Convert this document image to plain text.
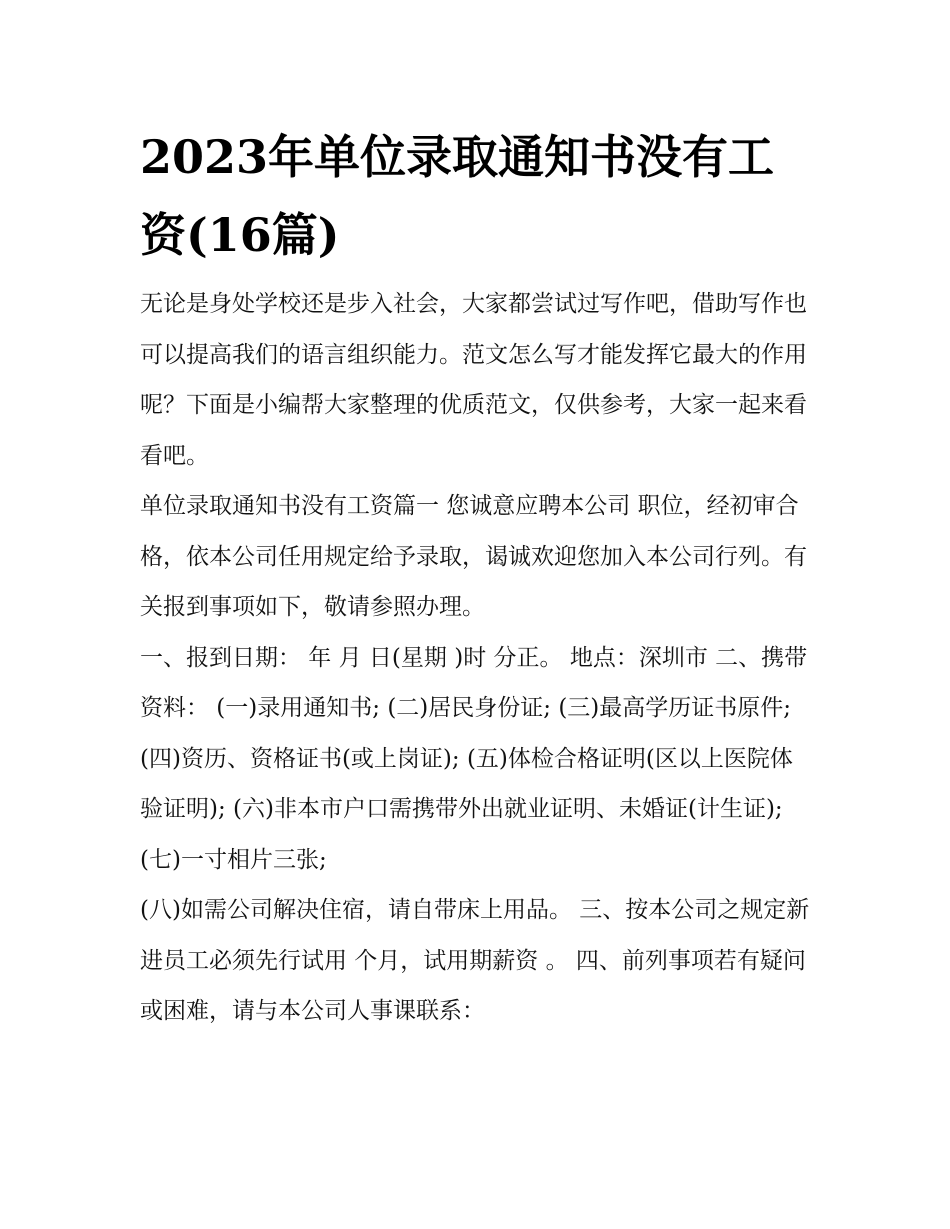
2023年单位录取通知书没有工资(16篇)

无论是身处学校还是步入社会，大家都尝试过写作吧，借助写作也可以提高我们的语言组织能力。范文怎么写才能发挥它最大的作用呢？下面是小编帮大家整理的优质范文，仅供参考，大家一起来看看吧。

单位录取通知书没有工资篇一 您诚意应聘本公司 职位，经初审合格，依本公司任用规定给予录取，谒诚欢迎您加入本公司行列。有关报到事项如下，敬请参照办理。

一、报到日期： 年 月 日(星期 )时 分正。 地点：深圳市 二、携带资料： (一)录用通知书; (二)居民身份证; (三)最高学历证书原件;

(四)资历、资格证书(或上岗证); (五)体检合格证明(区以上医院体验证明); (六)非本市户口需携带外出就业证明、未婚证(计生证); (七)一寸相片三张;

(八)如需公司解决住宿，请自带床上用品。 三、按本公司之规定新进员工必须先行试用 个月，试用期薪资 。 四、前列事项若有疑问或困难，请与本公司人事课联系：
